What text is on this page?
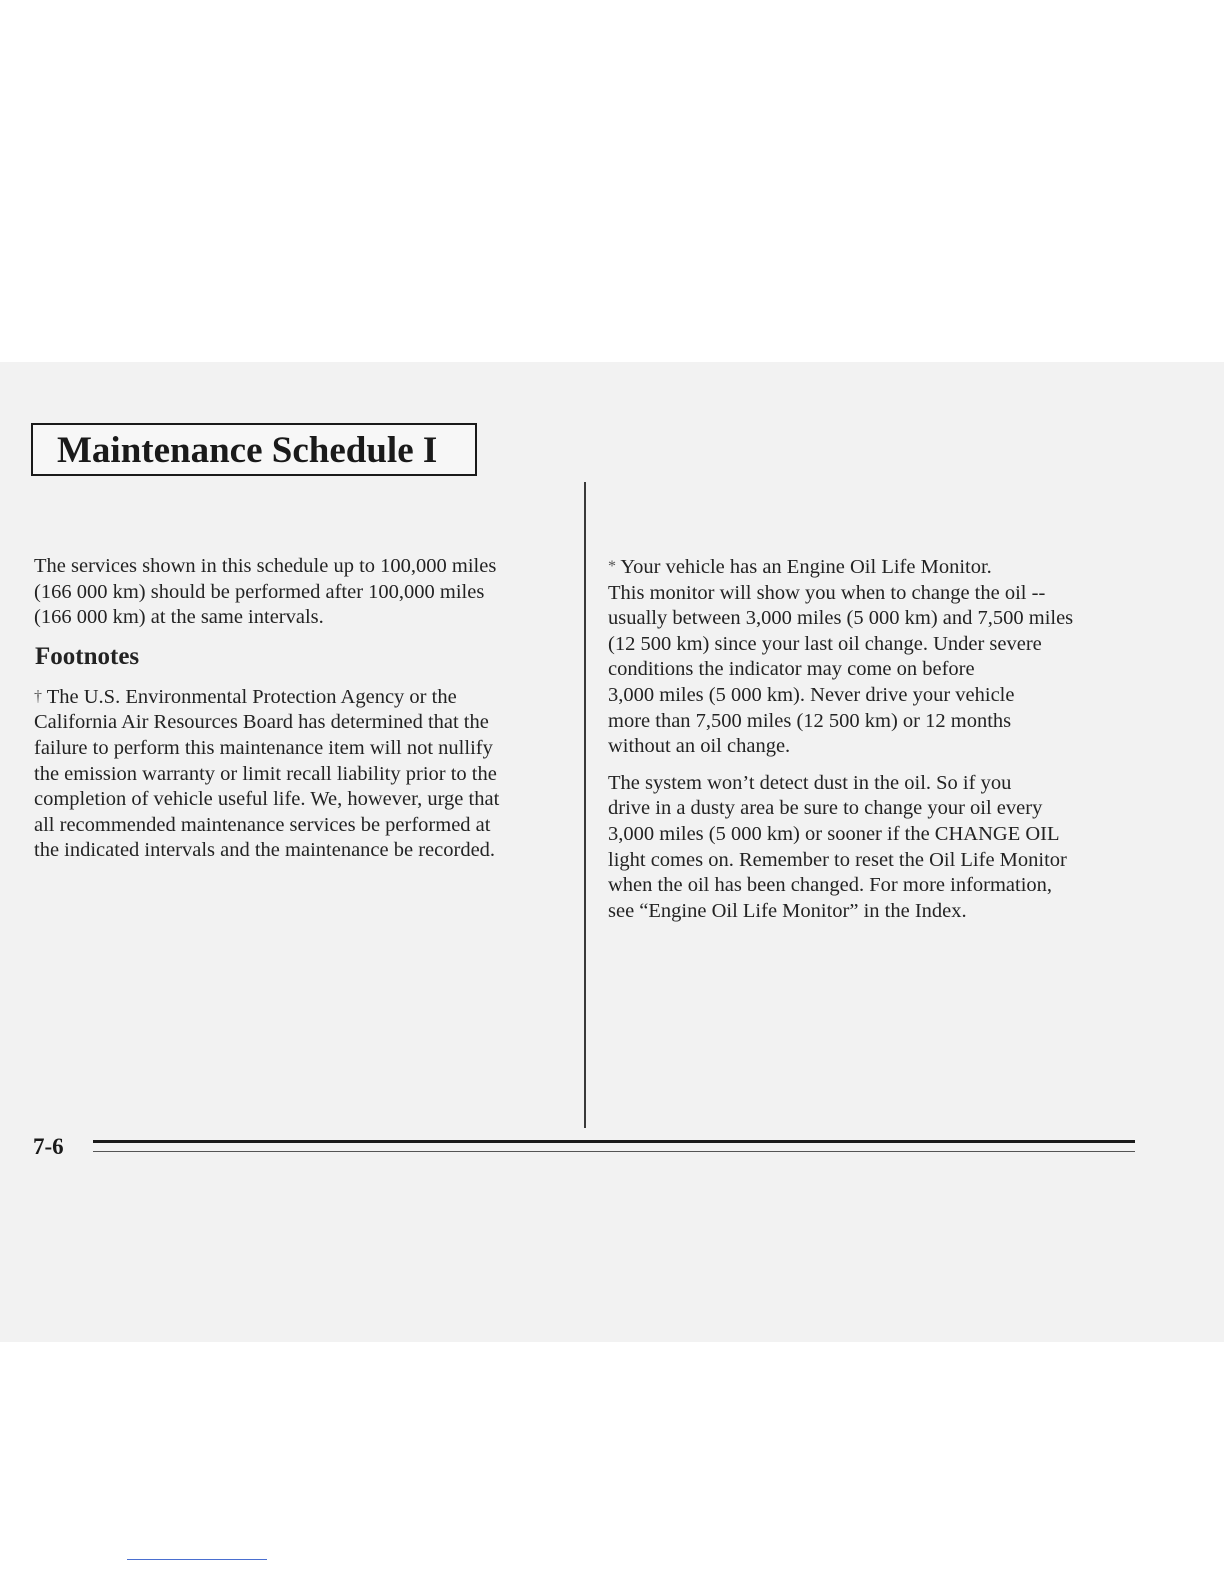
Maintenance Schedule I
The services shown in this schedule up to 100,000 miles
(166 000 km) should be performed after 100,000 miles
(166 000 km) at the same intervals.
Footnotes
† The U.S. Environmental Protection Agency or the
California Air Resources Board has determined that the
failure to perform this maintenance item will not nullify
the emission warranty or limit recall liability prior to the
completion of vehicle useful life. We, however, urge that
all recommended maintenance services be performed at
the indicated intervals and the maintenance be recorded.
* Your vehicle has an Engine Oil Life Monitor.
This monitor will show you when to change the oil --
usually between 3,000 miles (5 000 km) and 7,500 miles
(12 500 km) since your last oil change. Under severe
conditions the indicator may come on before
3,000 miles (5 000 km). Never drive your vehicle
more than 7,500 miles (12 500 km) or 12 months
without an oil change.
The system won’t detect dust in the oil. So if you
drive in a dusty area be sure to change your oil every
3,000 miles (5 000 km) or sooner if the CHANGE OIL
light comes on. Remember to reset the Oil Life Monitor
when the oil has been changed. For more information,
see “Engine Oil Life Monitor” in the Index.
7-6
